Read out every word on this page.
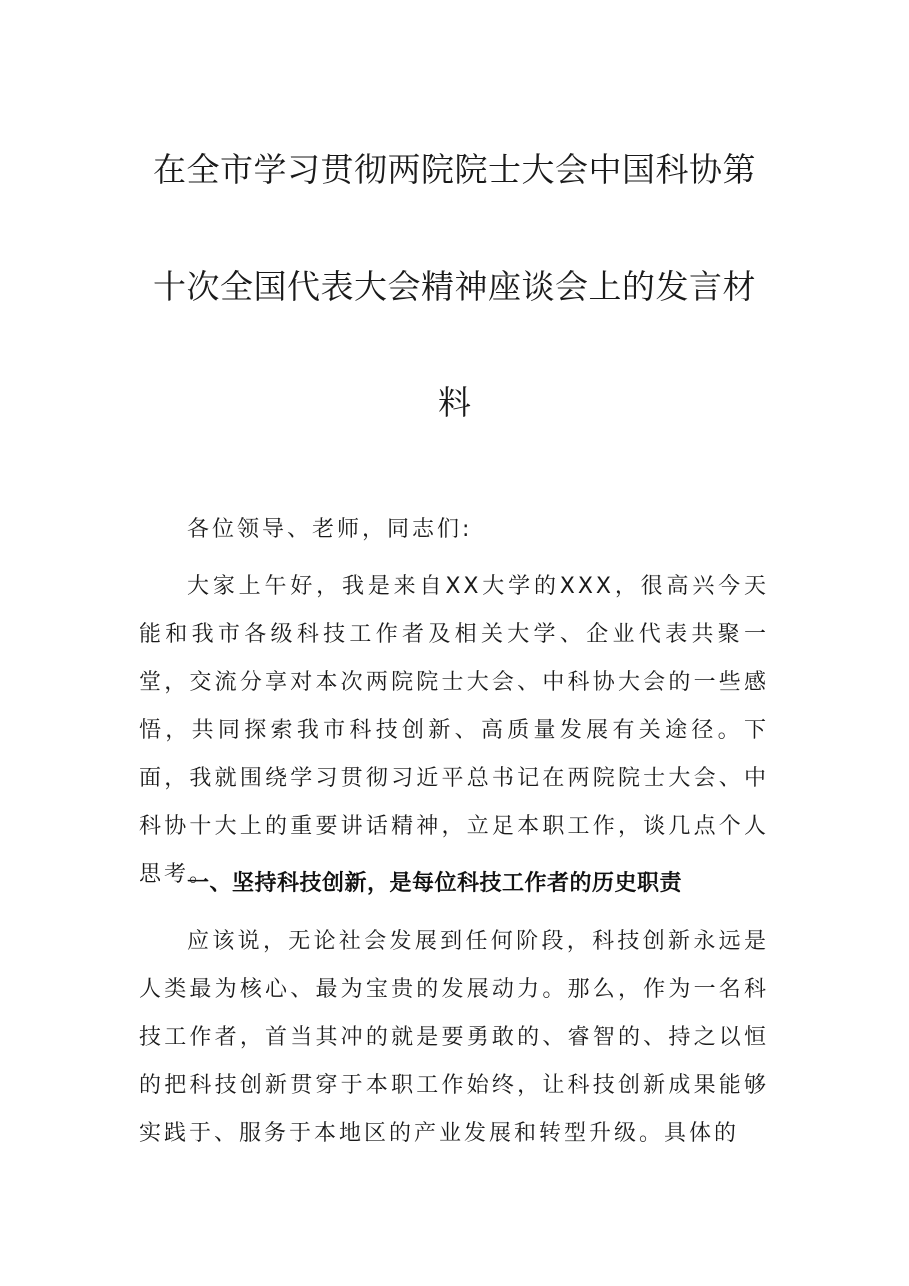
在全市学习贯彻两院院士大会中国科协第
十次全国代表大会精神座谈会上的发言材
料
各位领导、老师，同志们:
大家上午好，我是来自XX大学的XXX，很高兴今天能和我市各级科技工作者及相关大学、企业代表共聚一堂，交流分享对本次两院院士大会、中科协大会的一些感悟，共同探索我市科技创新、高质量发展有关途径。下面，我就围绕学习贯彻习近平总书记在两院院士大会、中科协十大上的重要讲话精神，立足本职工作，谈几点个人思考。
一、坚持科技创新，是每位科技工作者的历史职责
应该说，无论社会发展到任何阶段，科技创新永远是人类最为核心、最为宝贵的发展动力。那么，作为一名科技工作者，首当其冲的就是要勇敢的、睿智的、持之以恒的把科技创新贯穿于本职工作始终，让科技创新成果能够实践于、服务于本地区的产业发展和转型升级。具体的
